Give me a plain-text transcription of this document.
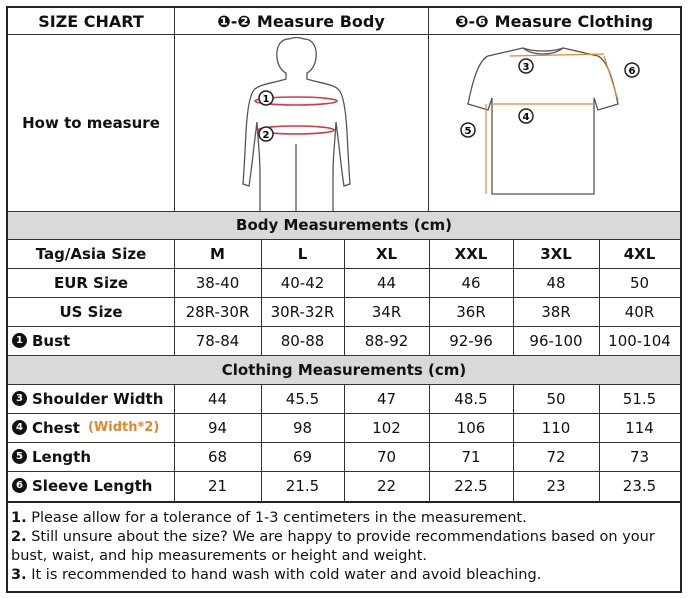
SIZE CHART	❶-❷ Measure Body	❸-❻ Measure Clothing
How to measure
1
2
3
4
5
6
Body Measurements (cm)
Clothing Measurements (cm)
1. Please allow for a tolerance of 1-3 centimeters in the measurement.
2. Still unsure about the size? We are happy to provide recommendations based on your bust, waist, and hip measurements or height and weight.
3. It is recommended to hand wash with cold water and avoid bleaching.
Tag/Asia Size	M	L	XL	XXL	3XL	4XL
EUR Size	38-40	40-42	44	46	48	50
US Size	28R-30R	30R-32R	34R	36R	38R	40R
1 Bust	78-84	80-88	88-92	92-96	96-100	100-104
3 Shoulder Width	44	45.5	47	48.5	50	51.5
4 Chest (Width*2)	94	98	102	106	110	114
5 Length	68	69	70	71	72	73
6 Sleeve Length	21	21.5	22	22.5	23	23.5
